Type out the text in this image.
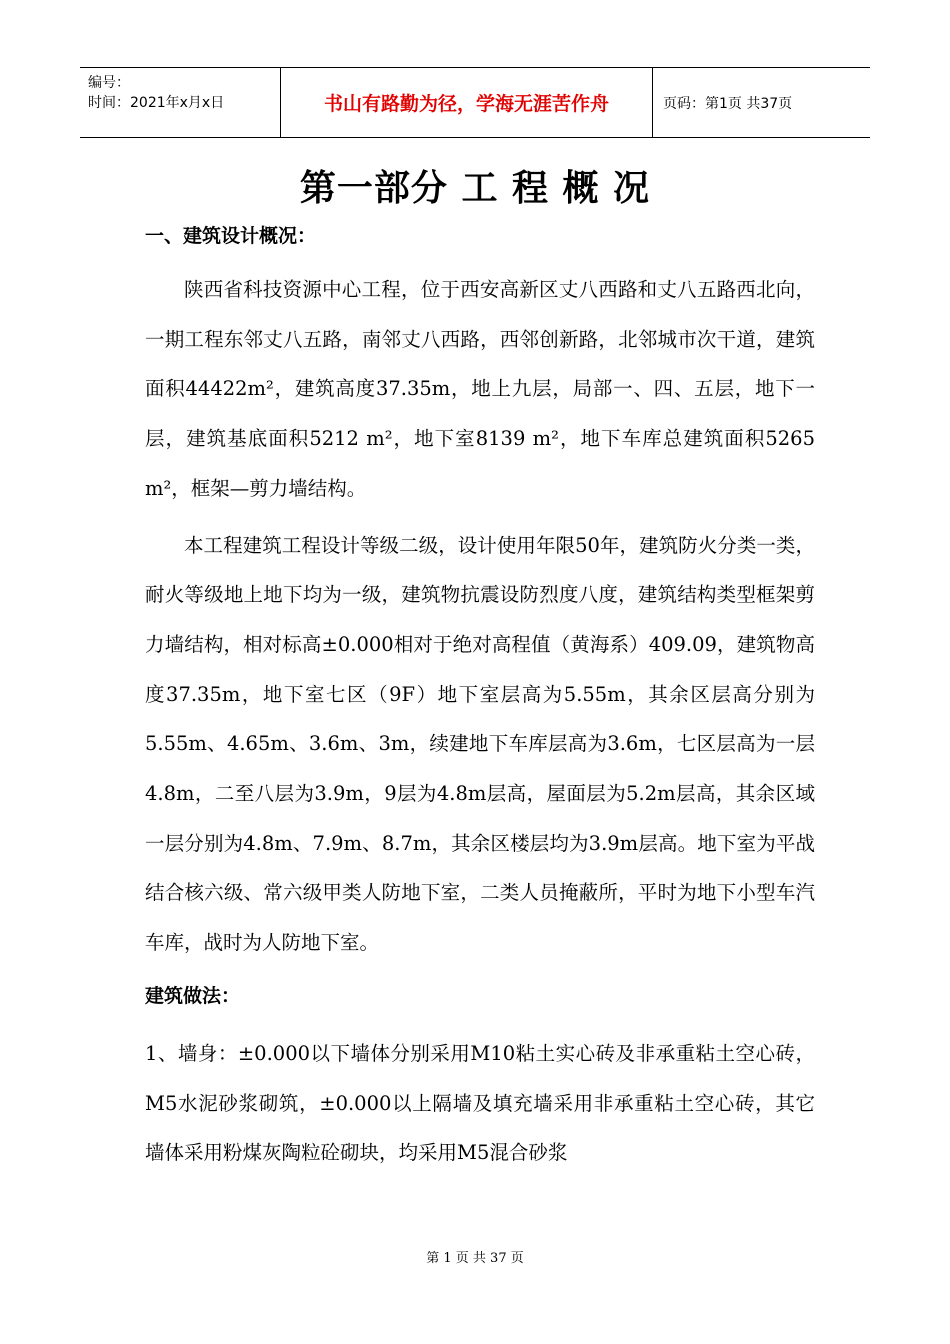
编号：
时间：2021年x月x日	书山有路勤为径，学海无涯苦作舟	页码：第1页 共37页
第一部分 工 程 概 况
一、建筑设计概况：

陕西省科技资源中心工程，位于西安高新区丈八西路和丈八五路西北向，一期工程东邻丈八五路，南邻丈八西路，西邻创新路，北邻城市次干道，建筑面积44422m²，建筑高度37.35m，地上九层，局部一、四、五层，地下一层，建筑基底面积5212 m²，地下室8139 m²，地下车库总建筑面积5265 m²，框架—剪力墙结构。

本工程建筑工程设计等级二级，设计使用年限50年，建筑防火分类一类，耐火等级地上地下均为一级，建筑物抗震设防烈度八度，建筑结构类型框架剪力墙结构，相对标高±0.000相对于绝对高程值（黄海系）409.09，建筑物高度37.35m，地下室七区（9F）地下室层高为5.55m，其余区层高分别为5.55m、4.65m、3.6m、3m，续建地下车库层高为3.6m，七区层高为一层4.8m，二至八层为3.9m，9层为4.8m层高，屋面层为5.2m层高，其余区域一层分别为4.8m、7.9m、8.7m，其余区楼层均为3.9m层高。地下室为平战结合核六级、常六级甲类人防地下室，二类人员掩蔽所，平时为地下小型车汽车库，战时为人防地下室。

建筑做法：

1、墙身：±0.000以下墙体分别采用M10粘土实心砖及非承重粘土空心砖，M5水泥砂浆砌筑，±0.000以上隔墙及填充墙采用非承重粘土空心砖，其它墙体采用粉煤灰陶粒砼砌块，均采用M5混合砂浆

第 1 页 共 37 页
